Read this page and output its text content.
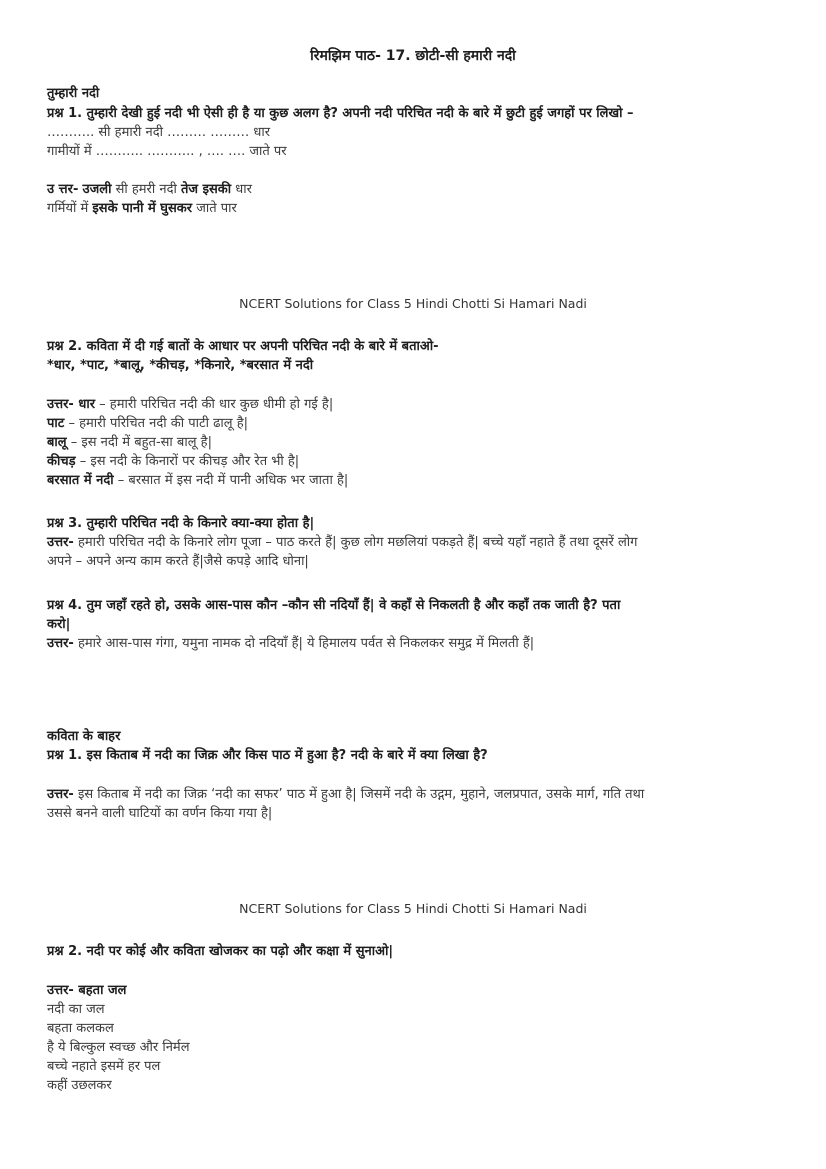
रिमझिम पाठ- 17. छोटी-सी हमारी नदी
तुम्हारी नदी
प्रश्न 1. तुम्हारी देखी हुई नदी भी ऐसी ही है या कुछ अलग है? अपनी नदी परिचित नदी के बारे में छुटी हुई जगहों पर लिखो –
……….. सी हमारी नदी ……… ……… धार
गामीयों में ……….. ……….. , …. …. जाते पर
उ त्तर- उजली सी हमरी नदी तेज इसकी धार
गर्मियों में इसके पानी में घुसकर जाते पार
NCERT Solutions for Class 5 Hindi Chotti Si Hamari Nadi
प्रश्न 2. कविता में दी गई बातों के आधार पर अपनी परिचित नदी के बारे में बताओ-
*धार, *पाट, *बालू, *कीचड़, *किनारे, *बरसात में नदी
उत्तर- धार – हमारी परिचित नदी की धार कुछ धीमी हो गई है|
पाट – हमारी परिचित नदी की पाटी ढालू है|
बालू – इस नदी में बहुत-सा बालू है|
कीचड़ – इस नदी के किनारों पर कीचड़ और रेत भी है|
बरसात में नदी – बरसात में इस नदी में पानी अधिक भर जाता है|
प्रश्न 3. तुम्हारी परिचित नदी के किनारे क्या-क्या होता है|
उत्तर- हमारी परिचित नदी के किनारे लोग पूजा – पाठ करते हैं| कुछ लोग मछलियां पकड़ते हैं| बच्चे यहाँ नहाते हैं तथा दूसरें लोग
अपने – अपने अन्य काम करते हैं|जैसे कपड़े आदि धोना|
प्रश्न 4. तुम जहाँ रहते हो, उसके आस-पास कौन –कौन सी नदियाँ हैं| वे कहाँ से निकलती है और कहाँ तक जाती है? पता
करो|
उत्तर- हमारे आस-पास गंगा, यमुना नामक दो नदियाँ हैं| ये हिमालय पर्वत से निकलकर समुद्र में मिलती हैं|
कविता के बाहर
प्रश्न 1. इस किताब में नदी का जिक्र और किस पाठ में हुआ है? नदी के बारे में क्या लिखा है?
उत्तर- इस किताब में नदी का जिक्र ‘नदी का सफर’ पाठ में हुआ है| जिसमें नदी के उद्गम, मुहाने, जलप्रपात, उसके मार्ग, गति तथा
उससे बनने वाली घाटियों का वर्णन किया गया है|
NCERT Solutions for Class 5 Hindi Chotti Si Hamari Nadi
प्रश्न 2. नदी पर कोई और कविता खोजकर का पढ़ो और कक्षा में सुनाओ|
उत्तर- बहता जल
नदी का जल
बहता कलकल
है ये बिल्कुल स्वच्छ और निर्मल
बच्चे नहाते इसमें हर पल
कहीं उछलकर
